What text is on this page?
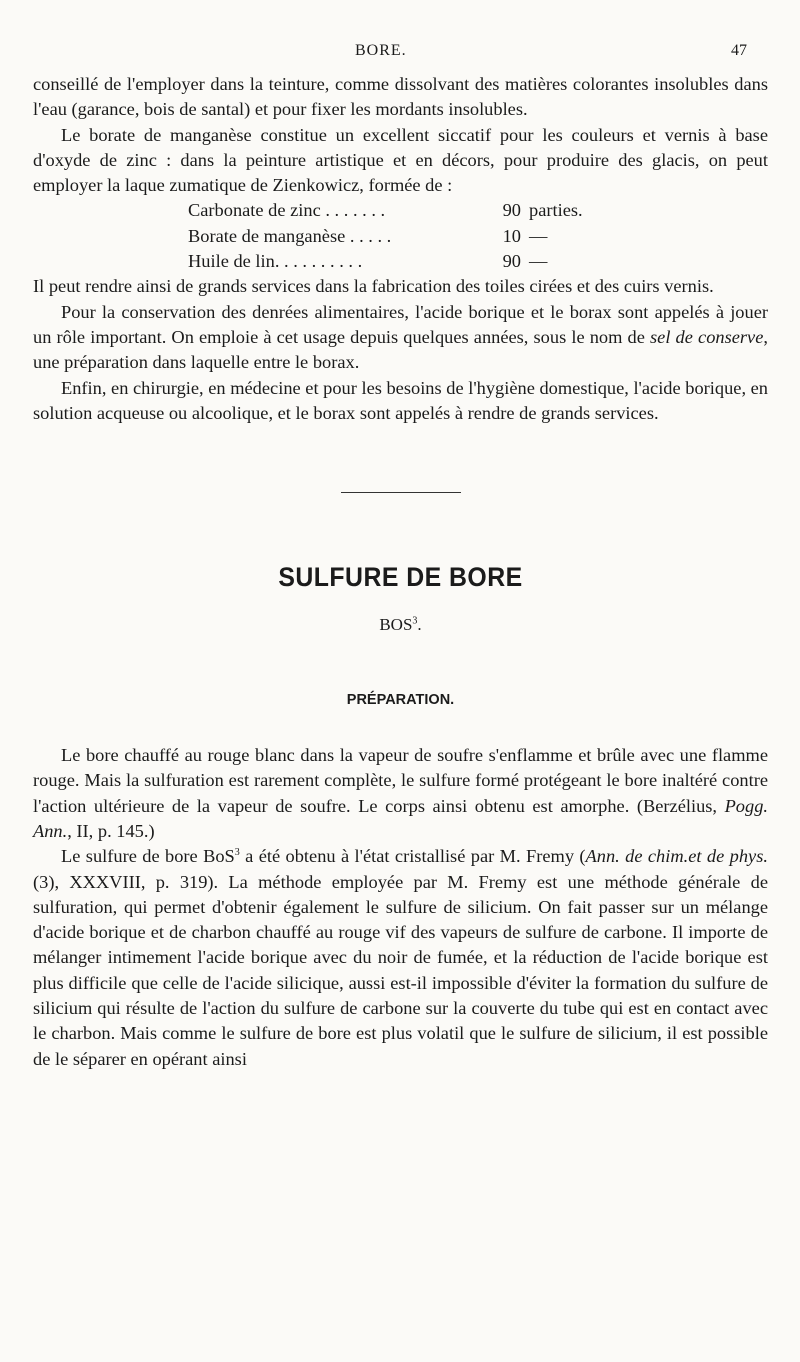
BORE.	47

conseillé de l'employer dans la teinture, comme dissolvant des matières colorantes insolubles dans l'eau (garance, bois de santal) et pour fixer les mordants insolubles.

Le borate de manganèse constitue un excellent siccatif pour les couleurs et vernis à base d'oxyde de zinc : dans la peinture artistique et en décors, pour produire des glacis, on peut employer la laque zumatique de Zienkowicz, formée de :

Carbonate de zinc . . . . . . .	90 parties.
Borate de manganèse . . . . .	10 —
Huile de lin. . . . . . . . . .	90 —

Il peut rendre ainsi de grands services dans la fabrication des toiles cirées et des cuirs vernis.

Pour la conservation des denrées alimentaires, l'acide borique et le borax sont appelés à jouer un rôle important. On emploie à cet usage depuis quelques années, sous le nom de sel de conserve, une préparation dans laquelle entre le borax.

Enfin, en chirurgie, en médecine et pour les besoins de l'hygiène domestique, l'acide borique, en solution acqueuse ou alcoolique, et le borax sont appelés à rendre de grands services.

SULFURE DE BORE
BOS$^3$.
PRÉPARATION.

Le bore chauffé au rouge blanc dans la vapeur de soufre s'enflamme et brûle avec une flamme rouge. Mais la sulfuration est rarement complète, le sulfure formé protégeant le bore inaltéré contre l'action ultérieure de la vapeur de soufre. Le corps ainsi obtenu est amorphe. (Berzélius, Pogg. Ann., II, p. 145.)

Le sulfure de bore BoS$^3$ a été obtenu à l'état cristallisé par M. Fremy (Ann. de chim.et de phys. (3), XXXVIII, p. 319). La méthode employée par M. Fremy est une méthode générale de sulfuration, qui permet d'obtenir également le sulfure de silicium. On fait passer sur un mélange d'acide borique et de charbon chauffé au rouge vif des vapeurs de sulfure de carbone. Il importe de mélanger intimement l'acide borique avec du noir de fumée, et la réduction de l'acide borique est plus difficile que celle de l'acide silicique, aussi est-il impossible d'éviter la formation du sulfure de silicium qui résulte de l'action du sulfure de carbone sur la couverte du tube qui est en contact avec le charbon. Mais comme le sulfure de bore est plus volatil que le sulfure de silicium, il est possible de le séparer en opérant ainsi
